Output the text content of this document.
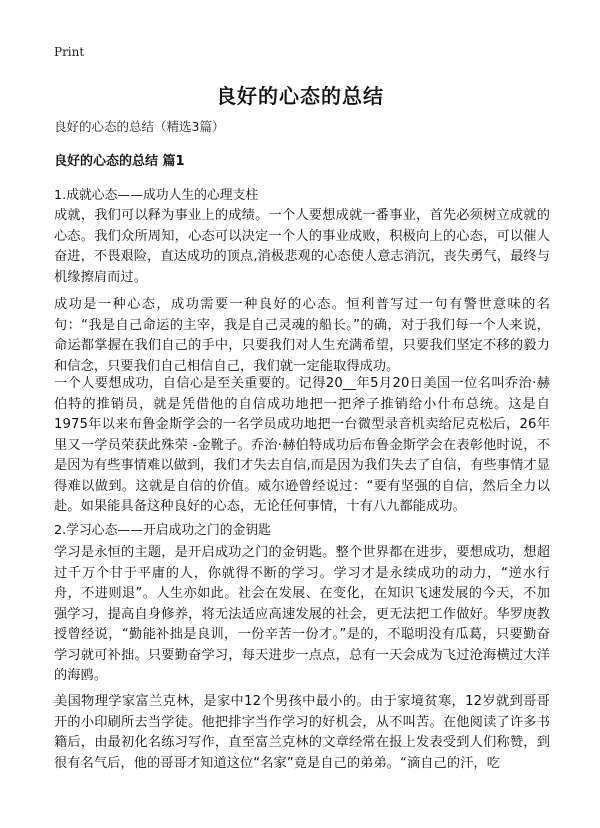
Print
良好的心态的总结
良好的心态的总结（精选3篇）
良好的心态的总结 篇1
1.成就心态——成功人生的心理支柱

成就，我们可以释为事业上的成绩。一个人要想成就一番事业，首先必须树立成就的心态。我们众所周知，心态可以决定一个人的事业成败，积极向上的心态，可以催人奋进，不畏艰险，直达成功的顶点,消极悲观的心态使人意志消沉，丧失勇气，最终与机缘擦肩而过。

成功是一种心态，成功需要一种良好的心态。恒利普写过一句有警世意味的名句：“我是自己命运的主宰，我是自己灵魂的船长。”的确，对于我们每一个人来说，命运都掌握在我们自己的手中，只要我们对人生充满希望，只要我们坚定不移的毅力和信念，只要我们自己相信自己，我们就一定能取得成功。

一个人要想成功，自信心是至关重要的。记得20__年5月20日美国一位名叫乔治·赫伯特的推销员，就是凭借他的自信成功地把一把斧子推销给小什布总统。这是自1975年以来布鲁金斯学会的一名学员成功地把一台微型录音机卖给尼克松后，26年里又一学员荣获此殊荣 -金靴子。乔治·赫伯特成功后布鲁金斯学会在表彰他时说，不是因为有些事情难以做到，我们才失去自信,而是因为我们失去了自信，有些事情才显得难以做到。这就是自信的价值。威尔逊曾经说过：“要有坚强的自信，然后全力以赴。如果能具备这种良好的心态，无论任何事情，十有八九都能成功。

2.学习心态——开启成功之门的金钥匙

学习是永恒的主题，是开启成功之门的金钥匙。整个世界都在进步，要想成功，想超过千万个甘于平庸的人，你就得不断的学习。学习才是永续成功的动力，“逆水行舟，不进则退”。人生亦如此。社会在发展、在变化，在知识飞速发展的今天，不加强学习，提高自身修养，将无法适应高速发展的社会，更无法把工作做好。华罗庚教授曾经说，“勤能补拙是良训，一份辛苦一份才。”是的，不聪明没有瓜葛，只要勤奋学习就可补拙。只要勤奋学习，每天进步一点点，总有一天会成为飞过沧海横过大洋的海鸥。

美国物理学家富兰克林，是家中12个男孩中最小的。由于家境贫寒，12岁就到哥哥开的小印刷所去当学徒。他把排字当作学习的好机会，从不叫苦。在他阅读了许多书籍后，由最初化名练习写作，直至富兰克林的文章经常在报上发表受到人们称赞，到很有名气后，他的哥哥才知道这位“名家”竟是自己的弟弟。“滴自己的汗，吃
